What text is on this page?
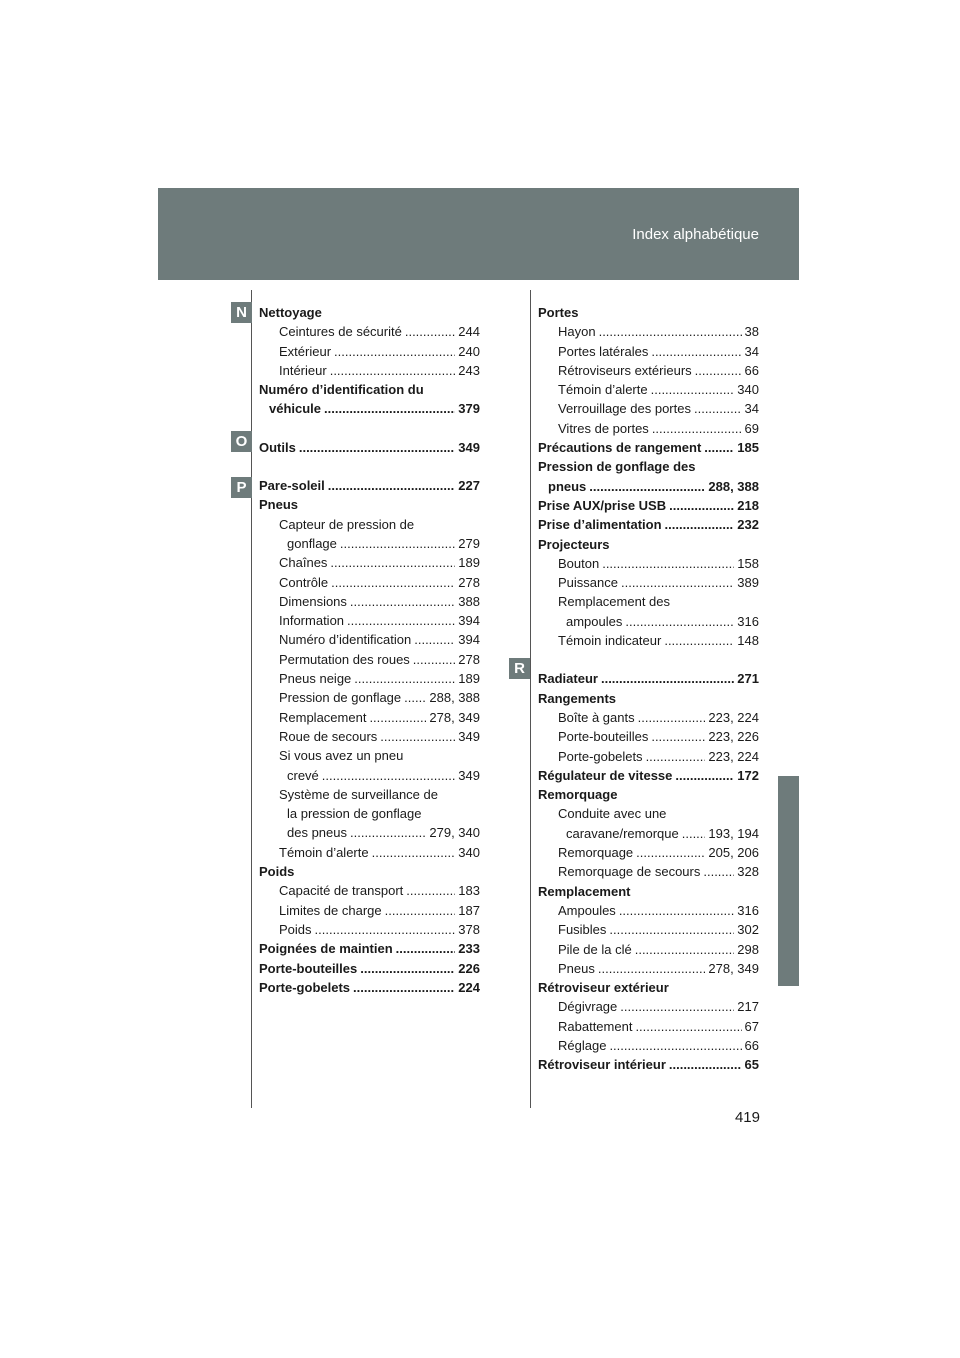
Index alphabétique
N
O
P
R
Nettoyage
Ceintures de sécurité .....	244
Extérieur .....	240
Intérieur .....	243
Numéro d’identification du
véhicule .....	379
Outils .....	349
Pare-soleil .....	227
Pneus
Capteur de pression de
gonflage .....	279
Chaînes .....	189
Contrôle .....	278
Dimensions .....	388
Information .....	394
Numéro d’identification .....	394
Permutation des roues .....	278
Pneus neige .....	189
Pression de gonflage ..... 288, 388
Remplacement .....	278, 349
Roue de secours .....	349
Si vous avez un pneu
crevé .....	349
Système de surveillance de
la pression de gonflage
des pneus .....	279, 340
Témoin d’alerte .....	340
Poids
Capacité de transport .....	183
Limites de charge .....	187
Poids .....	378
Poignées de maintien .....	233
Porte-bouteilles .....	226
Porte-gobelets .....	224
Portes
Hayon .....	38
Portes latérales .....	34
Rétroviseurs extérieurs .....	66
Témoin d’alerte .....	340
Verrouillage des portes .....	34
Vitres de portes .....	69
Précautions de rangement .....	185
Pression de gonflage des
pneus .....	288, 388
Prise AUX/prise USB .....	218
Prise d’alimentation .....	232
Projecteurs
Bouton .....	158
Puissance .....	389
Remplacement des
ampoules .....	316
Témoin indicateur .....	148
Radiateur .....	271
Rangements
Boîte à gants .....	223, 224
Porte-bouteilles .....	223, 226
Porte-gobelets .....	223, 224
Régulateur de vitesse .....	172
Remorquage
Conduite avec une
caravane/remorque ..... 193, 194
Remorquage .....	205, 206
Remorquage de secours .....	328
Remplacement
Ampoules .....	316
Fusibles .....	302
Pile de la clé .....	298
Pneus .....	278, 349
Rétroviseur extérieur
Dégivrage .....	217
Rabattement .....	67
Réglage .....	66
Rétroviseur intérieur .....	65
419
